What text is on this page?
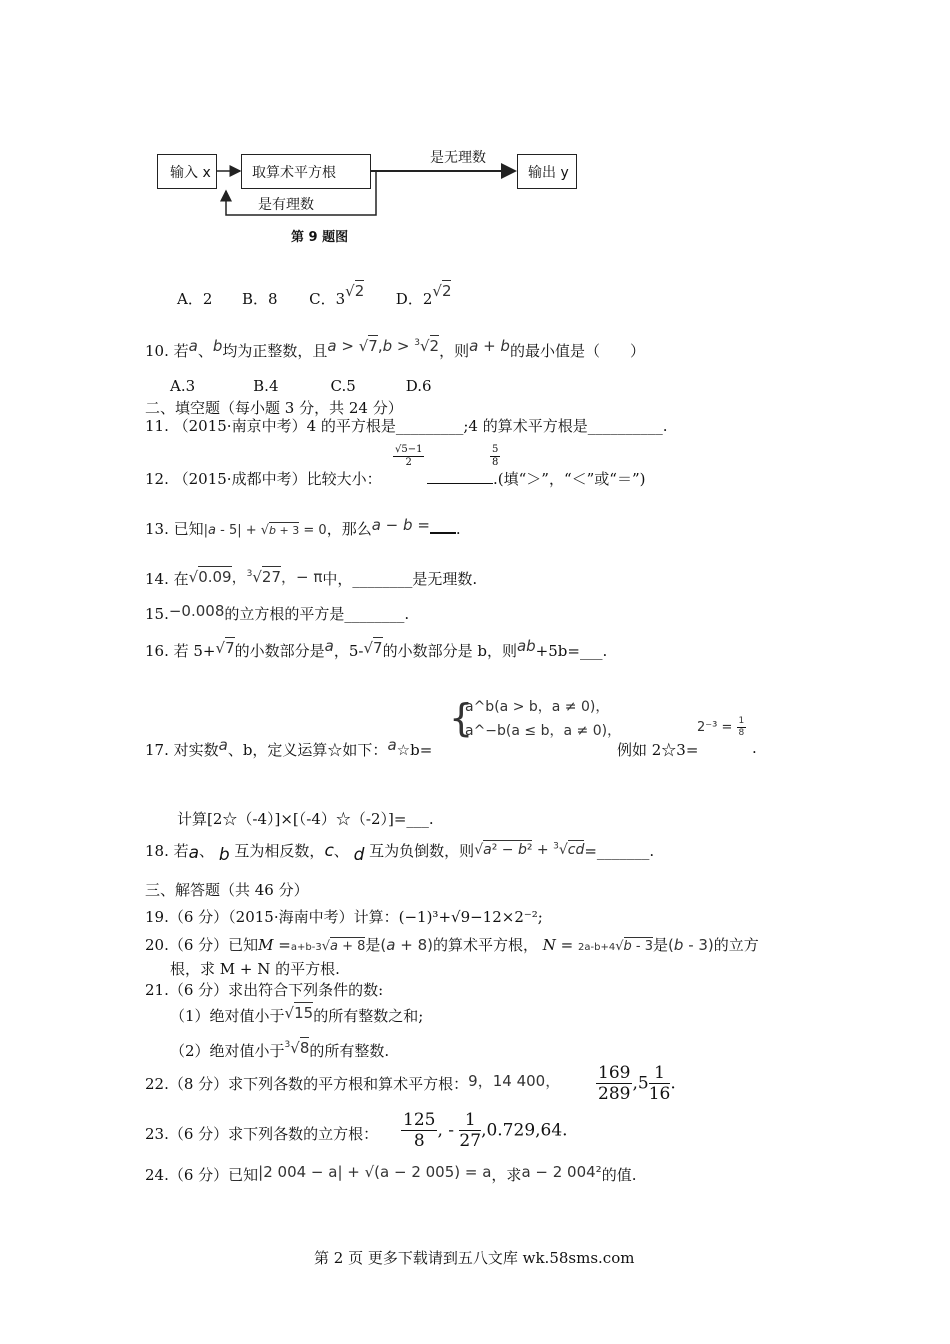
输入 x	取算术平方根	输出 y
是无理数
是有理数
第 9 题图
A．2 B．8 C．3√2 D．2√2
10. 若a、b均为正整数，且a > √7,b > $^3$√2，则a + b的最小值是（　　）
A.3	B.4	C.5	D.6
二、填空题（每小题 3 分，共 24 分）
11. （2015·南京中考）4 的平方根是_________;4 的算术平方根是__________.
12. （2015·成都中考）比较大小：
$\frac{√5-1}{2}$	$\frac{5}{8}$
.(填“＞”，“＜”或“＝”)
13. 已知|a - 5| + √b + 3 = 0，那么a − b = .
14. 在√0.09，$^3$√27，− π中，________是无理数.
15.−0.008的立方根的平方是________.
16. 若 5+√7的小数部分是a，5-√7的小数部分是 b，则ab+5b=___.
17. 对实数a、b，定义运算☆如下：a☆b=
{
a^b(a > b，a ≠ 0)，
a^−b(a ≤ b，a ≠ 0)，
例如 2☆3=
$2^{-3} = \frac{1}{8}$
.
计算[2☆（-4）]×[（-4）☆（-2）]=___.
18. 若a、 b 互为相反数，c、 d 互为负倒数，则√a² − b² + $^3$√cd=_______.
三、解答题（共 46 分）
19.（6 分）（2015·海南中考）计算：(−1)³+√9−12×2⁻²;
20.（6 分）已知M =a+b-3√a + 8是(a + 8)的算术平方根， N = 2a-b+4√b - 3是(b - 3)的立方
根，求 M + N 的平方根.
21.（6 分）求出符合下列条件的数:
（1）绝对值小于√15的所有整数之和;
（2）绝对值小于$^3$√8的所有整数.
22.（8 分）求下列各数的平方根和算术平方根：9，14 400， $\frac{169}{289} ,5 \frac{1}{16}$ .
23.（6 分）求下列各数的立方根： $\frac{125}{8}$ , - $\frac{1}{27} ,0.729,64$.
24.（6 分）已知|2 004 − a| + √(a − 2 005) = a，求a − 2 004²的值.
第 2 页 更多下载请到五八文库 wk.58sms.com
